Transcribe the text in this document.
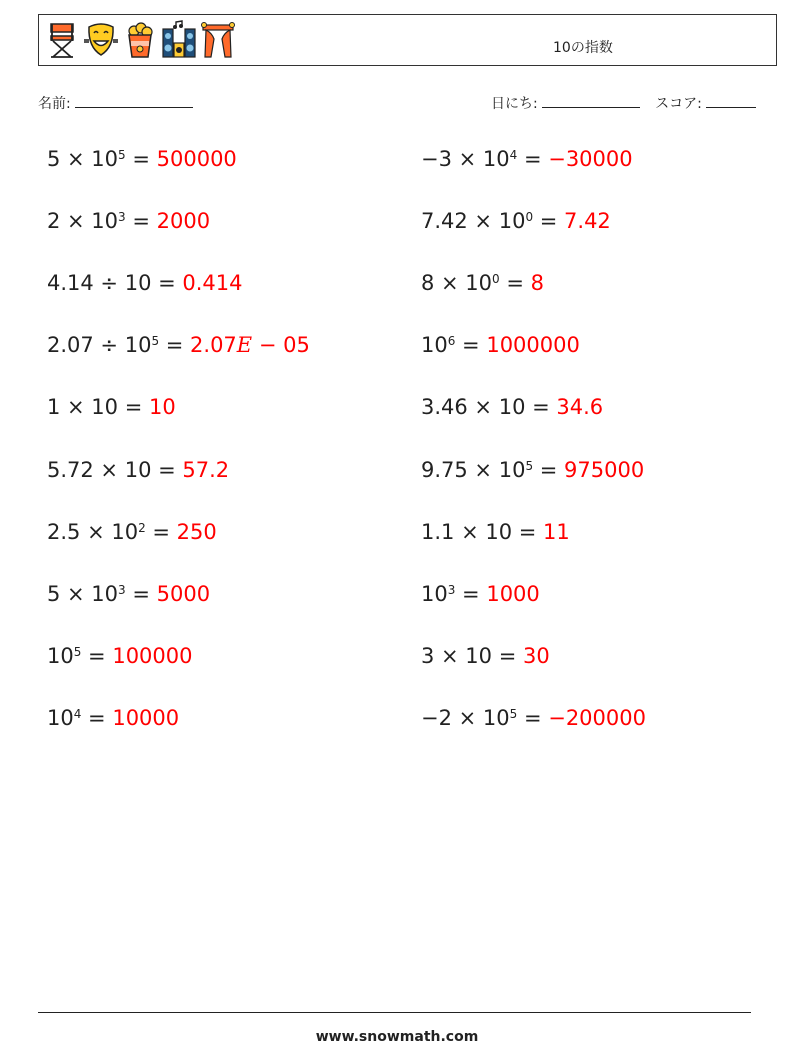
10の指数
名前:	日にち:	スコア:
$5 \times 10^5 = 500000$	$-3 \times 10^4 = -30000$
$2 \times 10^3 = 2000$	$7.42 \times 10^0 = 7.42$
4.14 ÷ 10 = 0.414	$8 \times 10^0 = 8$
$2.07 \div 10^5 = 2.07E - 05$	$10^6 = 1000000$
1 × 10 = 10	3.46 × 10 = 34.6
5.72 × 10 = 57.2	$9.75 \times 10^5 = 975000$
$2.5 \times 10^2 = 250$	1.1 × 10 = 11
$5 \times 10^3 = 5000$	$10^3 = 1000$
$10^5 = 100000$	3 × 10 = 30
$10^4 = 10000$	$-2 \times 10^5 = -200000$
www.snowmath.com
